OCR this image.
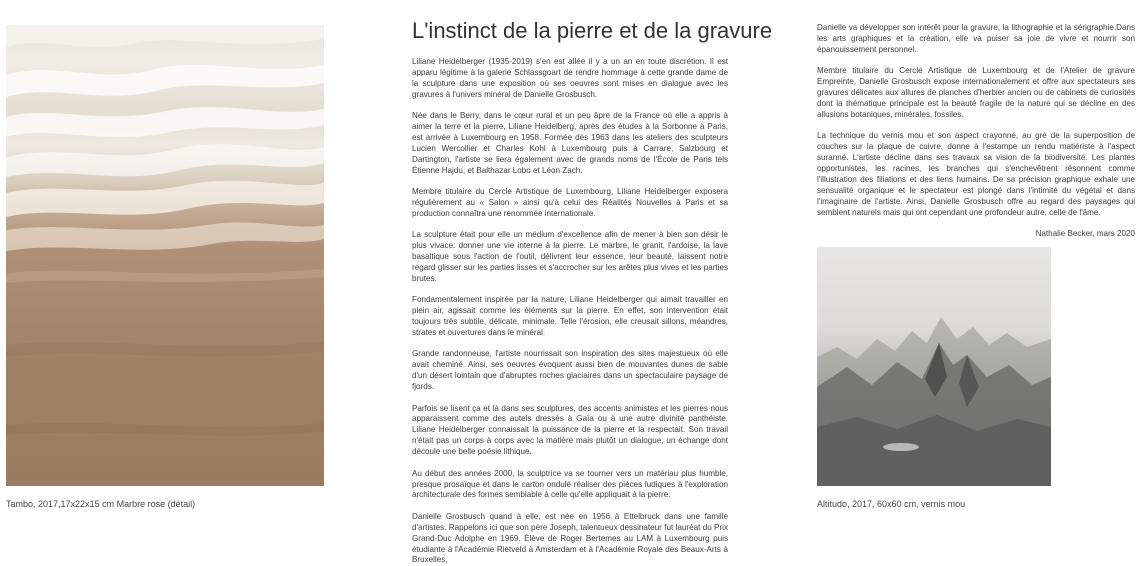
Tambo, 2017,17x22x15 cm Marbre rose (détail)
L'instinct de la pierre et de la gravure

Liliane Heidelberger (1935-2019) s'en est allée il y a un an en toute discrétion. Il est apparu légitime à la galerie Schlassgoart de rendre hommage à cette grande dame de la sculpture dans une exposition où ses oeuvres sont mises en dialogue avec les gravures à l'univers minéral de Danielle Grosbusch.

Née dans le Berry, dans le cœur rural et un peu âpre de la France où elle a appris à aimer la terre et la pierre, Liliane Heidelberg, après des études à la Sorbonne à Paris, est arrivée à Luxembourg en 1958. Formée dès 1963 dans les ateliers des sculpteurs Lucien Wercollier et Charles Kohl à Luxembourg puis à Carrare, Salzbourg et Dartington, l'artiste se liera également avec de grands noms de l'École de Paris tels Étienne Hajdu, et Balthazar Lobo et Léon Zach.

Membre titulaire du Cercle Artistique de Luxembourg, Liliane Heidelberger exposera régulièrement au « Salon » ainsi qu'à celui des Réalités Nouvelles à Paris et sa production connaîtra une renommée internationale.

La sculpture était pour elle un médium d'excellence afin de mener à bien son désir le plus vivace: donner une vie interne à la pierre. Le marbre, le granit, l'ardoise, la lave basaltique sous l'action de l'outil, délivrent leur essence, leur beauté, laissent notre regard glisser sur les parties lisses et s'accrocher sur les arêtes plus vives et les parties brutes.

Fondamentalement inspirée par la nature, Liliane Heidelberger qui aimait travailler en plein air, agissait comme les éléments sur la pierre. En effet, son intervention était toujours très subtile, délicate, minimale. Telle l'érosion, elle creusait sillons, méandres, strates et ouvertures dans le minéral.

Grande randonneuse, l'artiste nourrissait son inspiration des sites majestueux où elle avait cheminé. Ainsi, ses oeuvres évoquent aussi bien de mouvantes dunes de sable d'un désert lointain que d'abruptes roches glaciaires dans un spectaculaire paysage de fjords.

Parfois se lisent ça et là dans ses sculptures, des accents animistes et les pierres nous apparaissent comme des autels dressés à Gaïa ou à une autre divinité panthéiste. Liliane Heidelberger connaissait la puissance de la pierre et la respectait. Son travail n'était pas un corps à corps avec la matière mais plutôt un dialogue, un échange dont découle une belle poésie lithique.

Au début des années 2000, la sculptrice va se tourner vers un matériau plus humble, presque prosaïque et dans le carton ondulé réaliser des pièces ludiques à l'exploration architecturale des formes semblable à celle qu'elle appliquait à la pierre.

Danielle Grosbusch quand à elle, est née en 1956 à Ettelbruck dans une famille d'artistes. Rappelons ici que son père Joseph, talentueux dessinateur fut lauréat du Prix Grand-Duc Adolphe en 1969. Élève de Roger Bertemes au LAM à Luxembourg puis étudiante à l'Académie Rietveld à Amsterdam et à l'Académie Royale des Beaux-Arts à Bruxelles,

Danielle va développer son intérêt pour la gravure, la lithographie et la sérigraphie.Dans les arts graphiques et la création, elle va puiser sa joie de vivre et nourrir son épanouissement personnel.

Membre titulaire du Cercle Artistique de Luxembourg et de l'Atelier de gravure Empreinte, Danielle Grosbusch expose internationalement et offre aux spectateurs ses gravures délicates aux allures de planches d'herbier ancien ou de cabinets de curiosités dont la thématique principale est la beauté fragile de la nature qui se décline en des allusions botaniques, minérales, fossiles.

La technique du vernis mou et son aspect crayonné, au gré de la superposition de couches sur la plaque de cuivre, donne à l'estampe un rendu matiériste à l'aspect suranné. L'artiste décline dans ses travaux sa vision de la biodiversité. Les plantes opportunistes, les racines, les branches qui s'enchevêtrent résonnent comme l'illustration des filiations et des liens humains. De sa précision graphique exhale une sensualité organique et le spectateur est plongé dans l'intimité du végétal et dans l'imaginaire de l'artiste. Ainsi, Danielle Grosbusch offre au regard des paysages qui semblent naturels mais qui ont cependant une profondeur autre, celle de l'âme.

Nathalie Becker, mars 2020

Altitudo, 2017, 60x60 cm, vernis mou
